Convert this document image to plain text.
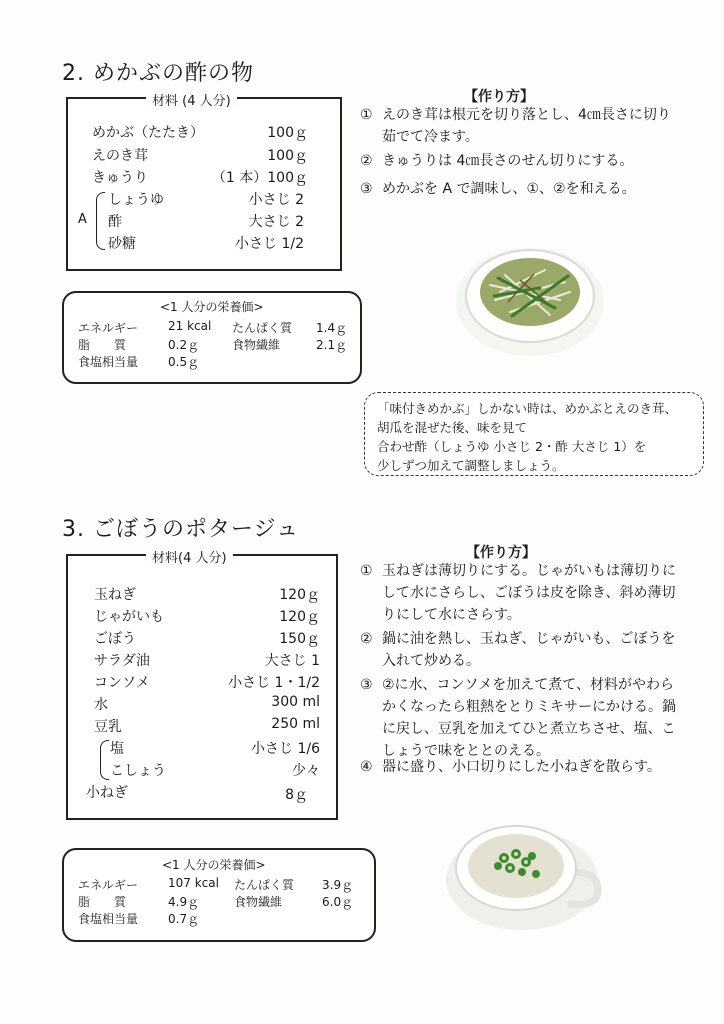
2. めかぶの酢の物
材料 (4 人分)
めかぶ（たたき）	100ｇ
えのき茸	100ｇ
きゅうり	（1 本）100ｇ
A
しょうゆ	小さじ 2
酢	大さじ 2
砂糖	小さじ 1/2
<1 人分の栄養価>
エネルギー 21 kcal たんぱく質 1.4ｇ
脂　　質	0.2ｇ	食物繊維	2.1ｇ
食塩相当量 0.5ｇ
【作り方】
① えのき茸は根元を切り落とし、4㎝長さに切り茹でて冷ます。
② きゅうりは 4㎝長さのせん切りにする。
③ めかぶを A で調味し、①、②を和える。
「味付きめかぶ」しかない時は、めかぶとえのき茸、
胡瓜を混ぜた後、味を見て
合わせ酢（しょうゆ 小さじ 2・酢 大さじ 1）を
少しずつ加えて調整しましょう。
3. ごぼうのポタージュ
材料(4 人分)
玉ねぎ	120ｇ
じゃがいも	120ｇ
ごぼう	150ｇ
サラダ油	大さじ 1
コンソメ	小さじ 1・1/2
水	300 ml
豆乳	250 ml
塩	小さじ 1/6
こしょう	少々
小ねぎ	8ｇ
<1 人分の栄養価>
エネルギー 107 kcal たんぱく質 3.9ｇ
脂　　質	4.9ｇ	食物繊維	6.0ｇ
食塩相当量 0.7ｇ
【作り方】
① 玉ねぎは薄切りにする。じゃがいもは薄切りにして水にさらし、ごぼうは皮を除き、斜め薄切りにして水にさらす。
② 鍋に油を熱し、玉ねぎ、じゃがいも、ごぼうを入れて炒める。
③ ②に水、コンソメを加えて煮て、材料がやわらかくなったら粗熱をとりミキサーにかける。鍋に戻し、豆乳を加えてひと煮立ちさせ、塩、こしょうで味をととのえる。
④ 器に盛り、小口切りにした小ねぎを散らす。
